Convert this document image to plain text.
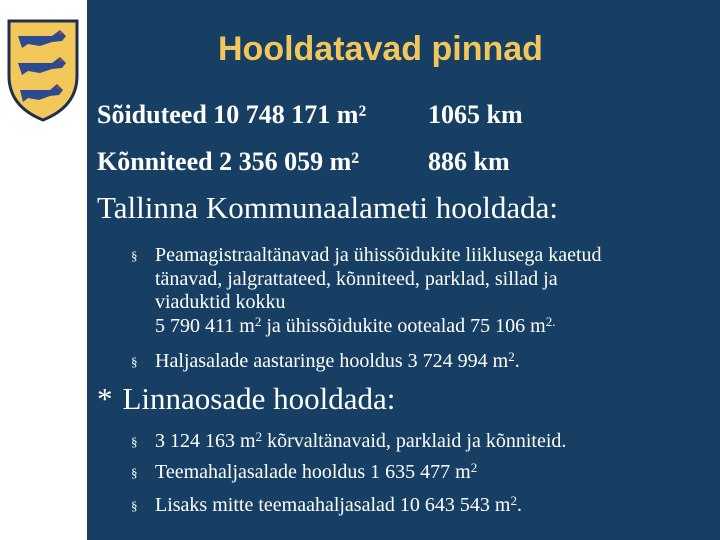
Hooldatavad pinnad
Sõiduteed 10 748 171 m² 1065 km
Kõnniteed 2 356 059 m²	886 km
Tallinna Kommunaalameti hooldada:
§ Peamagistraaltänavad ja ühissõidukite liiklusega kaetud
tänavad, jalgrattateed, kõnniteed, parklad, sillad ja
viaduktid kokku
5 790 411 $m^2$ ja ühissõidukite ootealad 75 106 $m^{2.}$
§ Haljasalade aastaringe hooldus 3 724 994 $m^2$.
* Linnaosade hooldada:
§ 3 124 163 $m^2$ kõrvaltänavaid, parklaid ja kõnniteid.
§ Teemahaljasalade hooldus 1 635 477 $m^2$
§ Lisaks mitte teemaahaljasalad 10 643 543 $m^2$.
